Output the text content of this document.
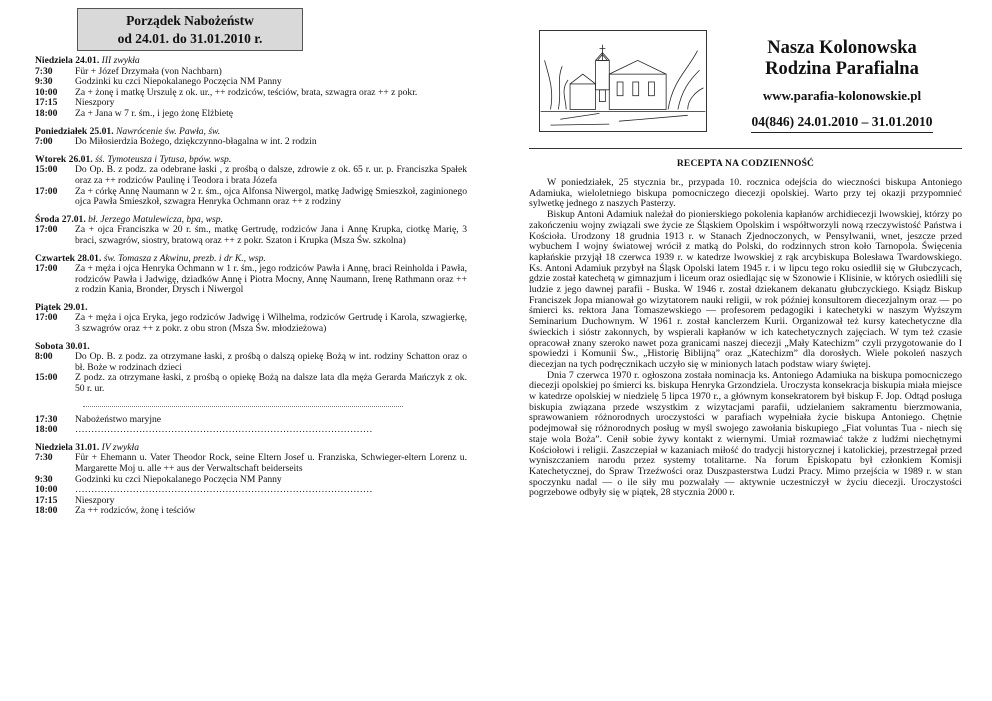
Porządek Nabożeństw
od 24.01. do 31.01.2010 r.
Niedziela 24.01. III zwykła
7:30	Für + Józef Drzymała (von Nachbarn)
9:30	Godzinki ku czci Niepokalanego Poczęcia NM Panny
10:00	Za + żonę i matkę Urszulę z ok. ur., ++ rodziców, teściów, brata, szwagra oraz ++ z pokr.
17:15	Nieszpory
18:00	Za + Jana w 7 r. śm., i jego żonę Elżbietę
Poniedziałek 25.01. Nawrócenie św. Pawła, św.
7:00	Do Miłosierdzia Bożego, dziękczynno-błagalna w int. 2 rodzin
Wtorek 26.01. śś. Tymoteusza i Tytusa, bpów. wsp.
15:00	Do Op. B. z podz. za odebrane łaski , z prośbą o dalsze, zdrowie z ok. 65 r. ur. p. Franciszka Spałek oraz za ++ rodziców Paulinę i Teodora i brata Józefa
17:00	Za + córkę Annę Naumann w 2 r. śm., ojca Alfonsa Niwergol, matkę Jadwigę Smieszkoł, zaginionego ojca Pawła Smieszkoł, szwagra Henryka Ochmann oraz ++ z rodziny
Środa 27.01. bł. Jerzego Matulewicza, bpa, wsp.
17:00	Za + ojca Franciszka w 20 r. śm., matkę Gertrudę, rodziców Jana i Annę Krupka, ciotkę Marię, 3 braci, szwagrów, siostry, bratową oraz ++ z pokr. Szaton i Krupka (Msza Św. szkolna)
Czwartek 28.01. św. Tomasza z Akwinu, prezb. i dr K., wsp.
17:00	Za + męża i ojca Henryka Ochmann w 1 r. śm., jego rodziców Pawła i Annę, braci Reinholda i Pawła, rodziców Pawła i Jadwigę, dziadków Annę i Piotra Mocny, Annę Naumann, Irenę Rathmann oraz ++ z rodzin Kania, Bronder, Drysch i Niwergol
Piątek 29.01.
17:00	Za + męża i ojca Eryka, jego rodziców Jadwigę i Wilhelma, rodziców Gertrudę i Karola, szwagierkę, 3 szwagrów oraz ++ z pokr. z obu stron (Msza Św. młodzieżowa)
Sobota 30.01.
8:00	Do Op. B. z podz. za otrzymane łaski, z prośbą o dalszą opiekę Bożą w int. rodziny Schatton oraz o bł. Boże w rodzinach dzieci
15:00	Z podz. za otrzymane łaski, z prośbą o opiekę Bożą na dalsze lata dla męża Gerarda Mańczyk z ok. 50 r. ur.
17:30	Nabożeństwo maryjne
18:00	…………………………………………………………………………………
Niedziela 31.01. IV zwykła
7:30	Für + Ehemann u. Vater Theodor Rock, seine Eltern Josef u. Franziska, Schwieger-eltern Lorenz u. Margarette Moj u. alle ++ aus der Verwaltschaft beiderseits
9:30	Godzinki ku czci Niepokalanego Poczęcia NM Panny
10:00	…………………………………………………………………………………
17:15	Nieszpory
18:00	Za ++ rodziców, żonę i teściów
Nasza Kolonowska
Rodzina Parafialna
www.parafia-kolonowskie.pl
04(846) 24.01.2010 – 31.01.2010
RECEPTA NA CODZIENNOŚĆ

W poniedziałek, 25 stycznia br., przypada 10. rocznica odejścia do wieczności biskupa Antoniego Adamiuka, wieloletniego biskupa pomocniczego diecezji opolskiej. Warto przy tej okazji przypomnieć sylwetkę jednego z naszych Pasterzy.

Biskup Antoni Adamiuk należał do pionierskiego pokolenia kapłanów archidiecezji lwowskiej, którzy po zakończeniu wojny związali swe życie ze Śląskiem Opolskim i współtworzyli nową rzeczywistość Państwa i Kościoła. Urodzony 18 grudnia 1913 r. w Stanach Zjednoczonych, w Pensylwanii, wnet, jeszcze przed wybuchem I wojny światowej wrócił z matką do Polski, do rodzinnych stron koło Tarnopola. Święcenia kapłańskie przyjął 18 czerwca 1939 r. w katedrze lwowskiej z rąk arcybiskupa Bolesława Twardowskiego. Ks. Antoni Adamiuk przybył na Śląsk Opolski latem 1945 r. i w lipcu tego roku osiedlił się w Głubczycach, gdzie został katechetą w gimnazjum i liceum oraz osiedlając się w Szonowie i Klisinie, w których osiedlili się ludzie z jego dawnej parafii - Buska. W 1946 r. został dziekanem dekanatu głubczyckiego. Ksiądz Biskup Franciszek Jopa mianował go wizytatorem nauki religii, w rok później konsultorem diecezjalnym oraz — po śmierci ks. rektora Jana Tomaszewskiego — profesorem pedagogiki i katechetyki w naszym Wyższym Seminarium Duchownym. W 1961 r. został kanclerzem Kurii. Organizował też kursy katechetyczne dla świeckich i sióstr zakonnych, by wspierali kapłanów w ich katechetycznych zajęciach. W tym też czasie opracował znany szeroko nawet poza granicami naszej diecezji „Mały Katechizm” czyli przygotowanie do I spowiedzi i Komunii Św., „Historię Biblijną” oraz „Katechizm” dla dorosłych. Wiele pokoleń naszych diecezjan na tych podręcznikach uczyło się w minionych latach podstaw wiary świętej.

Dnia 7 czerwca 1970 r. ogłoszona została nominacja ks. Antoniego Adamiuka na biskupa pomocniczego diecezji opolskiej po śmierci ks. biskupa Henryka Grzondziela. Uroczysta konsekracja biskupia miała miejsce w katedrze opolskiej w niedzielę 5 lipca 1970 r., a głównym konsekratorem był biskup F. Jop. Odtąd posługa biskupia związana przede wszystkim z wizytacjami parafii, udzielaniem sakramentu bierzmowania, sprawowaniem różnorodnych uroczystości w parafiach wypełniała życie biskupa Antoniego. Chętnie podejmował się różnorodnych posług w myśl swojego zawołania biskupiego „Fiat voluntas Tua - niech się staje wola Boża”. Cenił sobie żywy kontakt z wiernymi. Umiał rozmawiać także z ludźmi niechętnymi Kościołowi i religii. Zaszczepiał w kazaniach miłość do tradycji historycznej i katolickiej, przestrzegał przed wyniszczaniem narodu przez systemy totalitarne. Na forum Episkopatu był członkiem Komisji Katechetycznej, do Spraw Trzeźwości oraz Duszpasterstwa Ludzi Pracy. Mimo przejścia w 1989 r. w stan spoczynku nadal — o ile siły mu pozwalały — aktywnie uczestniczył w życiu diecezji. Uroczystości pogrzebowe odbyły się w piątek, 28 stycznia 2000 r.
